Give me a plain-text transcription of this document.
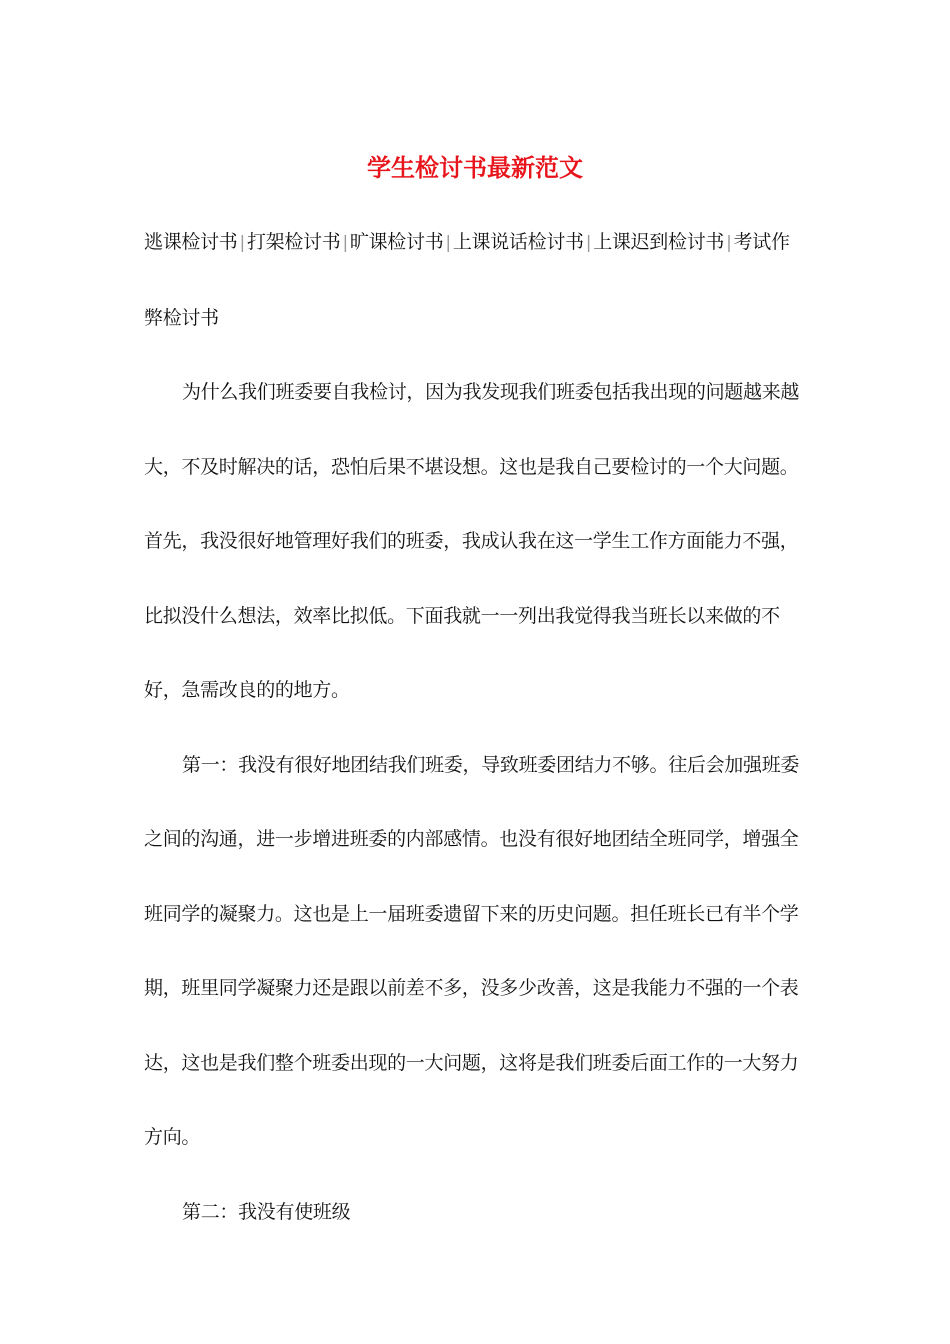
学生检讨书最新范文

逃课检讨书 | 打架检讨书 | 旷课检讨书 | 上课说话检讨书 | 上课迟到检讨书 | 考试作弊检讨书

为什么我们班委要自我检讨，因为我发现我们班委包括我出现的问题越来越大，不及时解决的话，恐怕后果不堪设想。这也是我自己要检讨的一个大问题。首先，我没很好地管理好我们的班委，我成认我在这一学生工作方面能力不强，比拟没什么想法，效率比拟低。下面我就一一列出我觉得我当班长以来做的不好，急需改良的的地方。

第一：我没有很好地团结我们班委，导致班委团结力不够。往后会加强班委之间的沟通，进一步增进班委的内部感情。也没有很好地团结全班同学，增强全班同学的凝聚力。这也是上一届班委遗留下来的历史问题。担任班长已有半个学期，班里同学凝聚力还是跟以前差不多，没多少改善，这是我能力不强的一个表达，这也是我们整个班委出现的一大问题，这将是我们班委后面工作的一大努力方向。

第二：我没有使班级
